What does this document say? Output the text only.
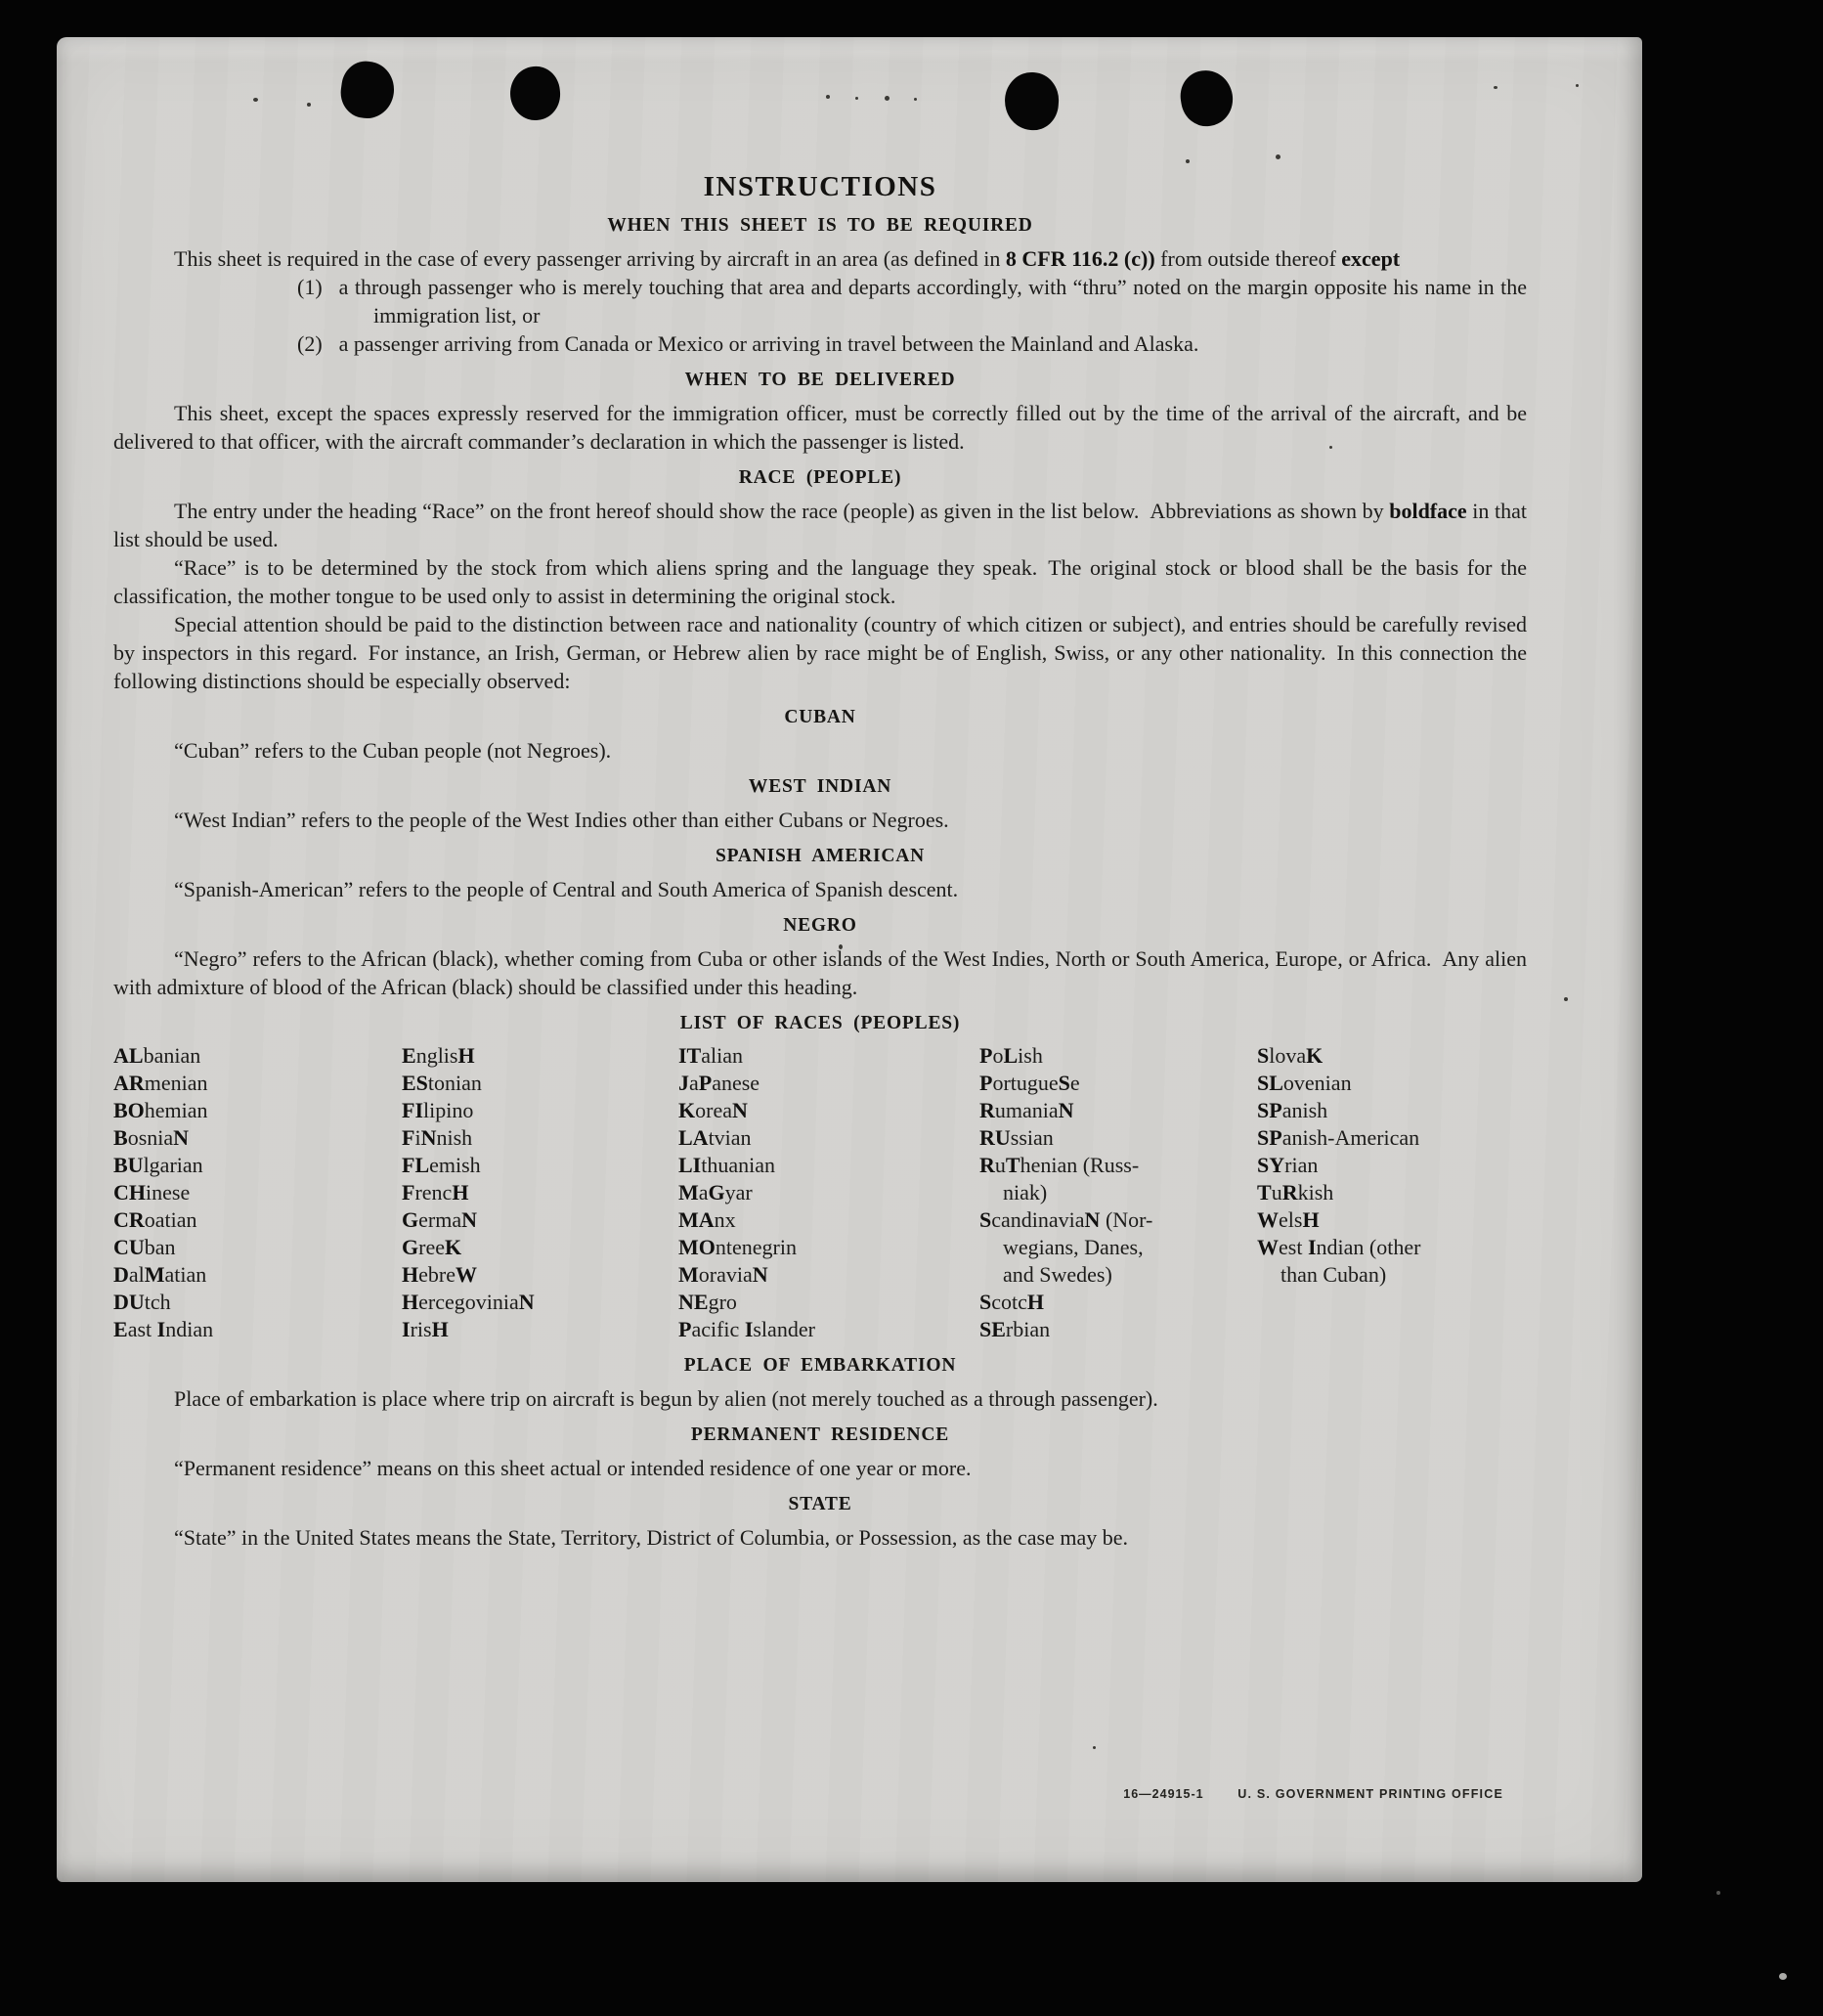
INSTRUCTIONS
WHEN THIS SHEET IS TO BE REQUIRED

This sheet is required in the case of every passenger arriving by aircraft in an area (as defined in 8 CFR 116.2 (c)) from outside thereof except

(1) a through passenger who is merely touching that area and departs accordingly, with “thru” noted on the margin opposite his name in the immigration list, or

(2) a passenger arriving from Canada or Mexico or arriving in travel between the Mainland and Alaska.

WHEN TO BE DELIVERED

This sheet, except the spaces expressly reserved for the immigration officer, must be correctly filled out by the time of the arrival of the aircraft, and be delivered to that officer, with the aircraft commander’s declaration in which the passenger is listed.

RACE (PEOPLE)

The entry under the heading “Race” on the front hereof should show the race (people) as given in the list below. Abbreviations as shown by boldface in that list should be used.

“Race” is to be determined by the stock from which aliens spring and the language they speak. The original stock or blood shall be the basis for the classification, the mother tongue to be used only to assist in determining the original stock.

Special attention should be paid to the distinction between race and nationality (country of which citizen or subject), and entries should be carefully revised by inspectors in this regard. For instance, an Irish, German, or Hebrew alien by race might be of English, Swiss, or any other nationality. In this connection the following distinctions should be especially observed:

CUBAN

“Cuban” refers to the Cuban people (not Negroes).

WEST INDIAN

“West Indian” refers to the people of the West Indies other than either Cubans or Negroes.

SPANISH AMERICAN

“Spanish-American” refers to the people of Central and South America of Spanish descent.

NEGRO

“Negro” refers to the African (black), whether coming from Cuba or other islands of the West Indies, North or South America, Europe, or Africa. Any alien with admixture of blood of the African (black) should be classified under this heading.

LIST OF RACES (PEOPLES)
ALbanian
ARmenian
BOhemian
BosniaN
BUlgarian
CHinese
CRoatian
CUban
DalMatian
DUtch
East Indian
EnglisH
EStonian
FIlipino
FiNnish
FLemish
FrencH
GermaN
GreeK
HebreW
HercegoviniaN
IrisH
ITalian
JaPanese
KoreaN
LAtvian
LIthuanian
MaGyar
MAnx
MOntenegrin
MoraviaN
NEgro
Pacific Islander
PoLish
PortugueSe
RumaniaN
RUssian
RuThenian (Russ-
niak)
ScandinaviaN (Nor-
wegians, Danes,
and Swedes)
ScotcH
SErbian
SlovaK
SLovenian
SPanish
SPanish-American
SYrian
TuRkish
WelsH
West Indian (other
than Cuban)
PLACE OF EMBARKATION

Place of embarkation is place where trip on aircraft is begun by alien (not merely touched as a through passenger).

PERMANENT RESIDENCE

“Permanent residence” means on this sheet actual or intended residence of one year or more.

STATE

“State” in the United States means the State, Territory, District of Columbia, or Possession, as the case may be.

16—24915-1	U. S. GOVERNMENT PRINTING OFFICE
